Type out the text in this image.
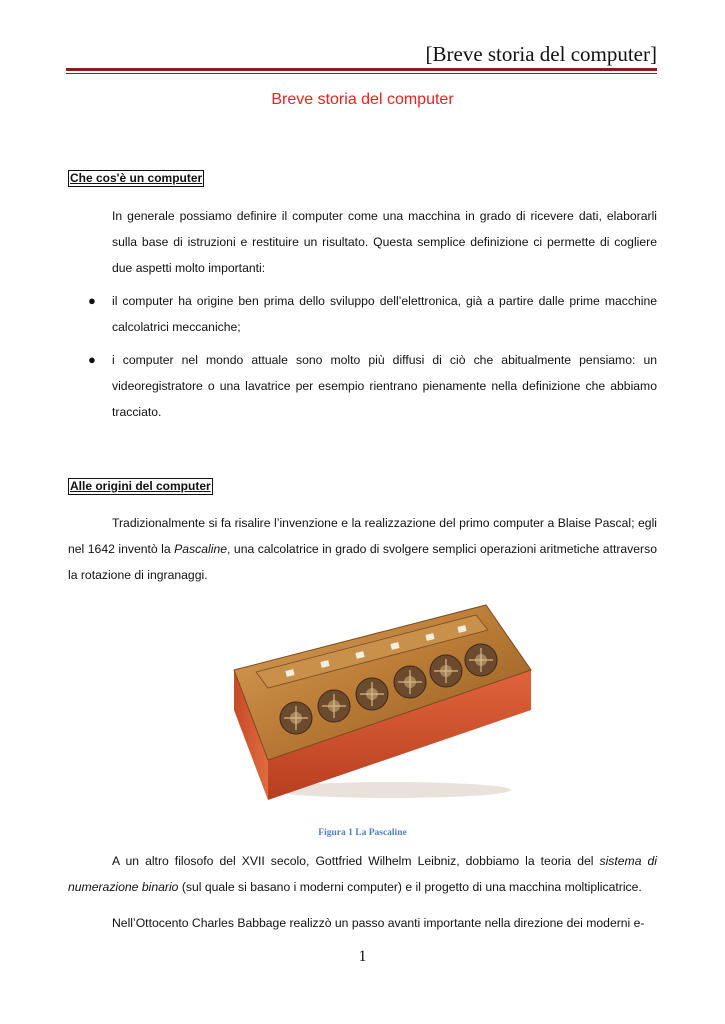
[Breve storia del computer]
Breve storia del computer
Che cos'è un computer
In generale possiamo definire il computer come una macchina in grado di ricevere dati, elaborarli sulla base di istruzioni e restituire un risultato. Questa semplice definizione ci permette di cogliere due aspetti molto importanti:
● il computer ha origine ben prima dello sviluppo dell’elettronica, già a partire dalle prime macchine calcolatrici meccaniche;
● i computer nel mondo attuale sono molto più diffusi di ciò che abitualmente pensiamo: un videoregistratore o una lavatrice per esempio rientrano pienamente nella definizione che abbiamo tracciato.
Alle origini del computer
Tradizionalmente si fa risalire l’invenzione e la realizzazione del primo computer a Blaise Pascal; egli nel 1642 inventò la Pascaline, una calcolatrice in grado di svolgere semplici operazioni aritmetiche attraverso la rotazione di ingranaggi.
Figura 1 La Pascaline
A un altro filosofo del XVII secolo, Gottfried Wilhelm Leibniz, dobbiamo la teoria del sistema di numerazione binario (sul quale si basano i moderni computer) e il progetto di una macchina moltiplicatrice.
Nell’Ottocento Charles Babbage realizzò un passo avanti importante nella direzione dei moderni e-
1
